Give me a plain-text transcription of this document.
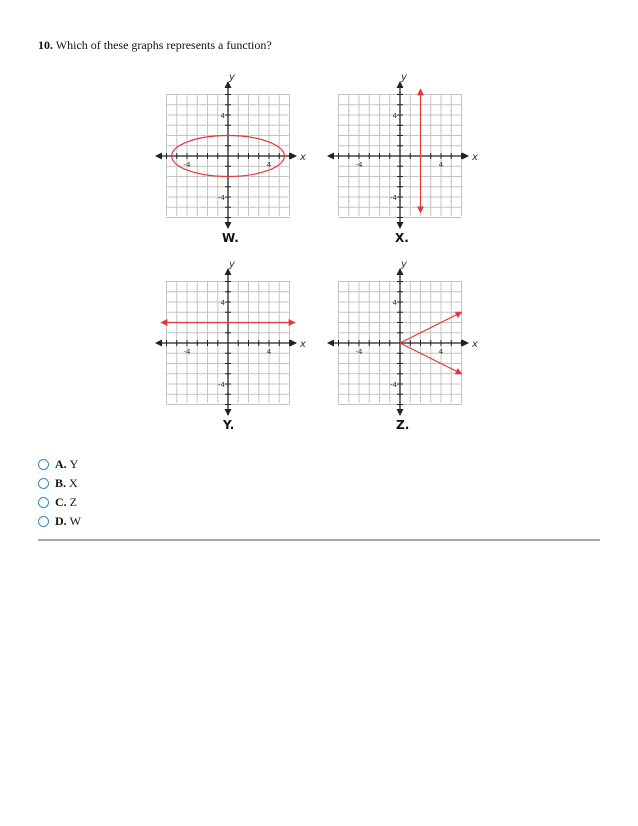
10. Which of these graphs represents a function?
4
-4
4
-4
y
x
4
-4
4
-4
y
x
4
-4
4
-4
y
x
4
-4
4
-4
y
x
W.	X.
Y.	Z.
A. Y
B. X
C. Z
D. W
